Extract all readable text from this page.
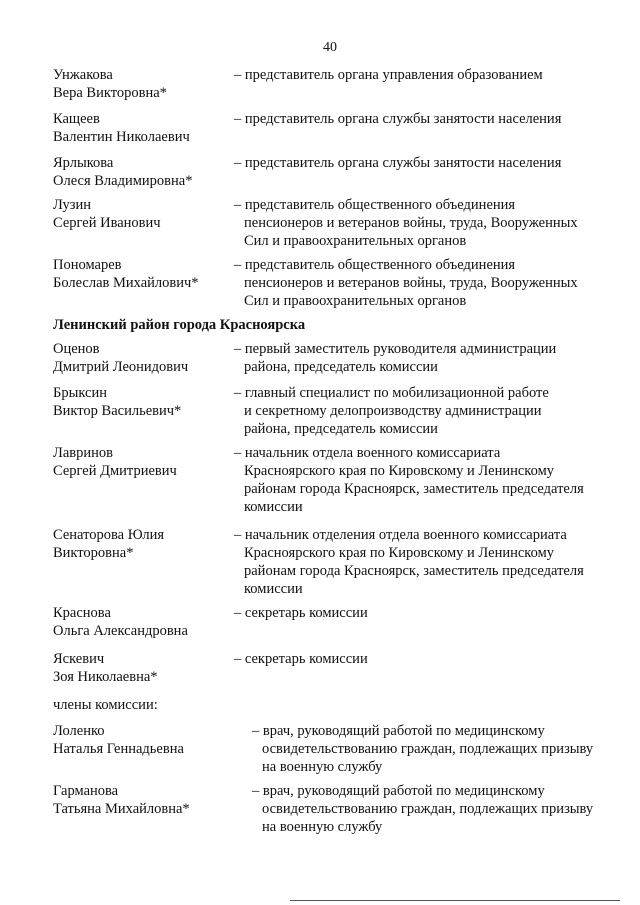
40
Унжакова
Вера Викторовна*
– представитель органа управления образованием
Кащеев
Валентин Николаевич
– представитель органа службы занятости населения
Ярлыкова
Олеся Владимировна*
– представитель органа службы занятости населения
Лузин
Сергей Иванович
– представитель общественного объединения
пенсионеров и ветеранов войны, труда, Вооруженных
Сил и правоохранительных органов
Пономарев
Болеслав Михайлович*
– представитель общественного объединения
пенсионеров и ветеранов войны, труда, Вооруженных
Сил и правоохранительных органов
Ленинский район города Красноярска
Оценов
Дмитрий Леонидович
– первый заместитель руководителя администрации
района, председатель комиссии
Брыксин
Виктор Васильевич*
– главный специалист по мобилизационной работе
и секретному делопроизводству администрации
района, председатель комиссии
Лавринов
Сергей Дмитриевич
– начальник отдела военного комиссариата
Красноярского края по Кировскому и Ленинскому
районам города Красноярск, заместитель председателя
комиссии
Сенаторова Юлия
Викторовна*
– начальник отделения отдела военного комиссариата
Красноярского края по Кировскому и Ленинскому
районам города Красноярск, заместитель председателя
комиссии
Краснова
Ольга Александровна
– секретарь комиссии
Яскевич
Зоя Николаевна*
– секретарь комиссии
члены комиссии:
Лоленко
Наталья Геннадьевна
– врач, руководящий работой по медицинскому
освидетельствованию граждан, подлежащих призыву
на военную службу
Гарманова
Татьяна Михайловна*
– врач, руководящий работой по медицинскому
освидетельствованию граждан, подлежащих призыву
на военную службу
